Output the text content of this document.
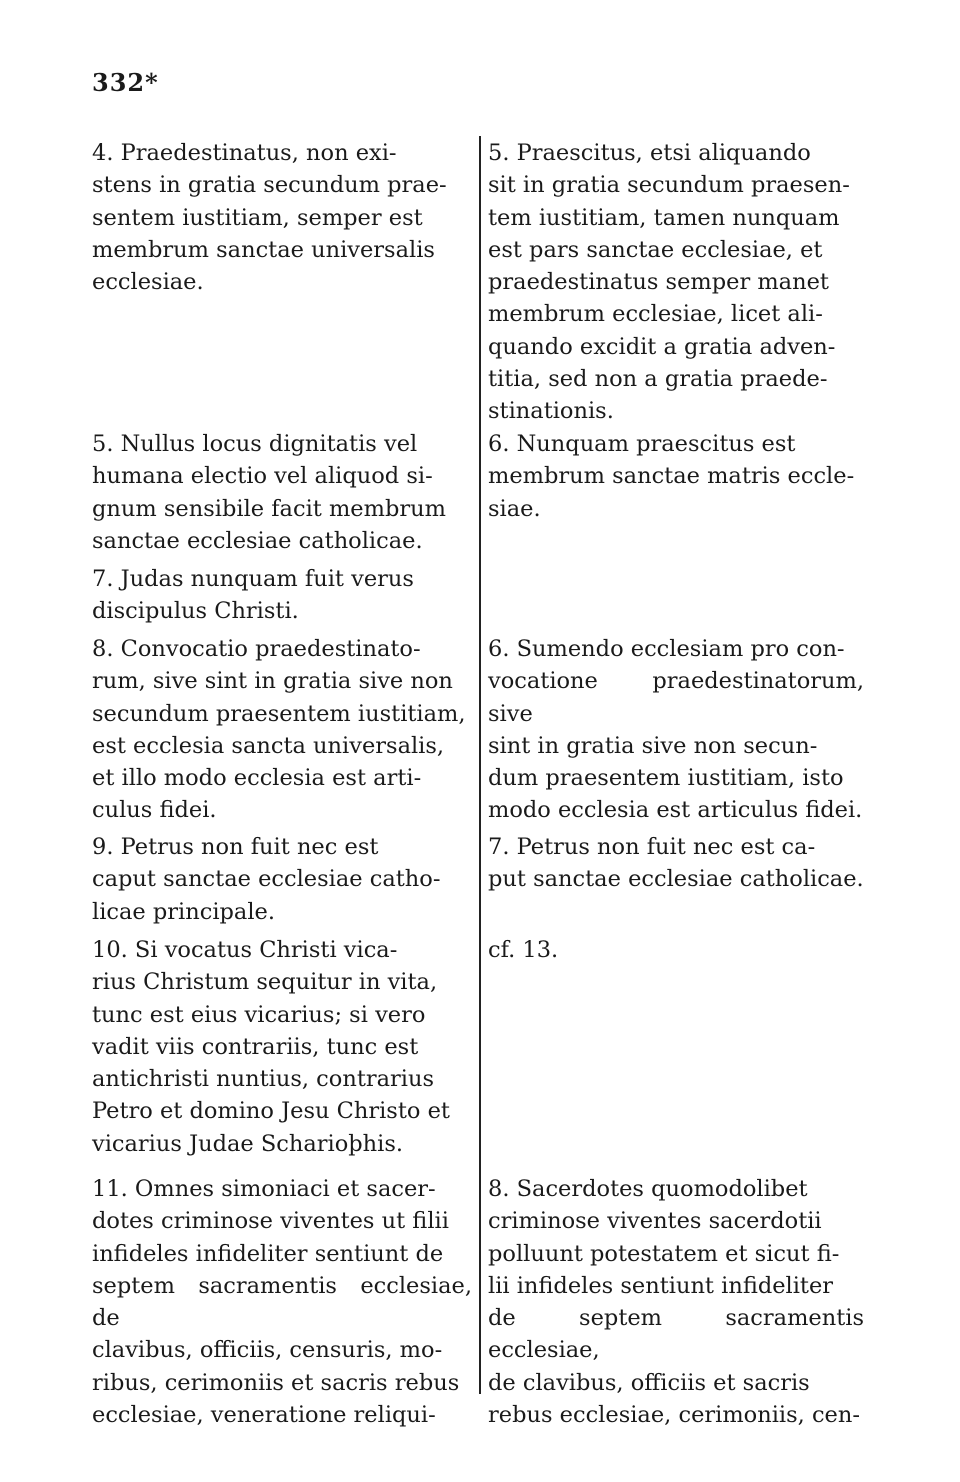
332*

4. Praedestinatus, non exi-
stens in gratia secundum prae-
sentem iustitiam, semper est
membrum sanctae universalis
ecclesiae.

5. Nullus locus dignitatis vel
humana electio vel aliquod si-
gnum sensibile facit membrum
sanctae ecclesiae catholicae.

7. Judas nunquam fuit verus
discipulus Christi.

8. Convocatio praedestinato-
rum, sive sint in gratia sive non
secundum praesentem iustitiam,
est ecclesia sancta universalis,
et illo modo ecclesia est arti-
culus fidei.

9. Petrus non fuit nec est
caput sanctae ecclesiae catho-
licae principale.

10. Si vocatus Christi vica-
rius Christum sequitur in vita,
tunc est eius vicarius; si vero
vadit viis contrariis, tunc est
antichristi nuntius, contrarius
Petro et domino Jesu Christo et
vicarius Judae Scharioþhis.

11. Omnes simoniaci et sacer-
dotes criminose viventes ut filii
infideles infideliter sentiunt de
septem sacramentis ecclesiae, de
clavibus, officiis, censuris, mo-
ribus, cerimoniis et sacris rebus
ecclesiae, veneratione reliqui-

5. Praescitus, etsi aliquando
sit in gratia secundum praesen-
tem iustitiam, tamen nunquam
est pars sanctae ecclesiae, et
praedestinatus semper manet
membrum ecclesiae, licet ali-
quando excidit a gratia adven-
titia, sed non a gratia praede-
stinationis.

6. Nunquam praescitus est
membrum sanctae matris eccle-
siae.

6. Sumendo ecclesiam pro con-
vocatione praedestinatorum, sive
sint in gratia sive non secun-
dum praesentem iustitiam, isto
modo ecclesia est articulus fidei.

7. Petrus non fuit nec est ca-
put sanctae ecclesiae catholicae.

cf. 13.

8. Sacerdotes quomodolibet
criminose viventes sacerdotii
polluunt potestatem et sicut fi-
lii infideles sentiunt infideliter
de septem sacramentis ecclesiae,
de clavibus, officiis et sacris
rebus ecclesiae, cerimoniis, cen-
